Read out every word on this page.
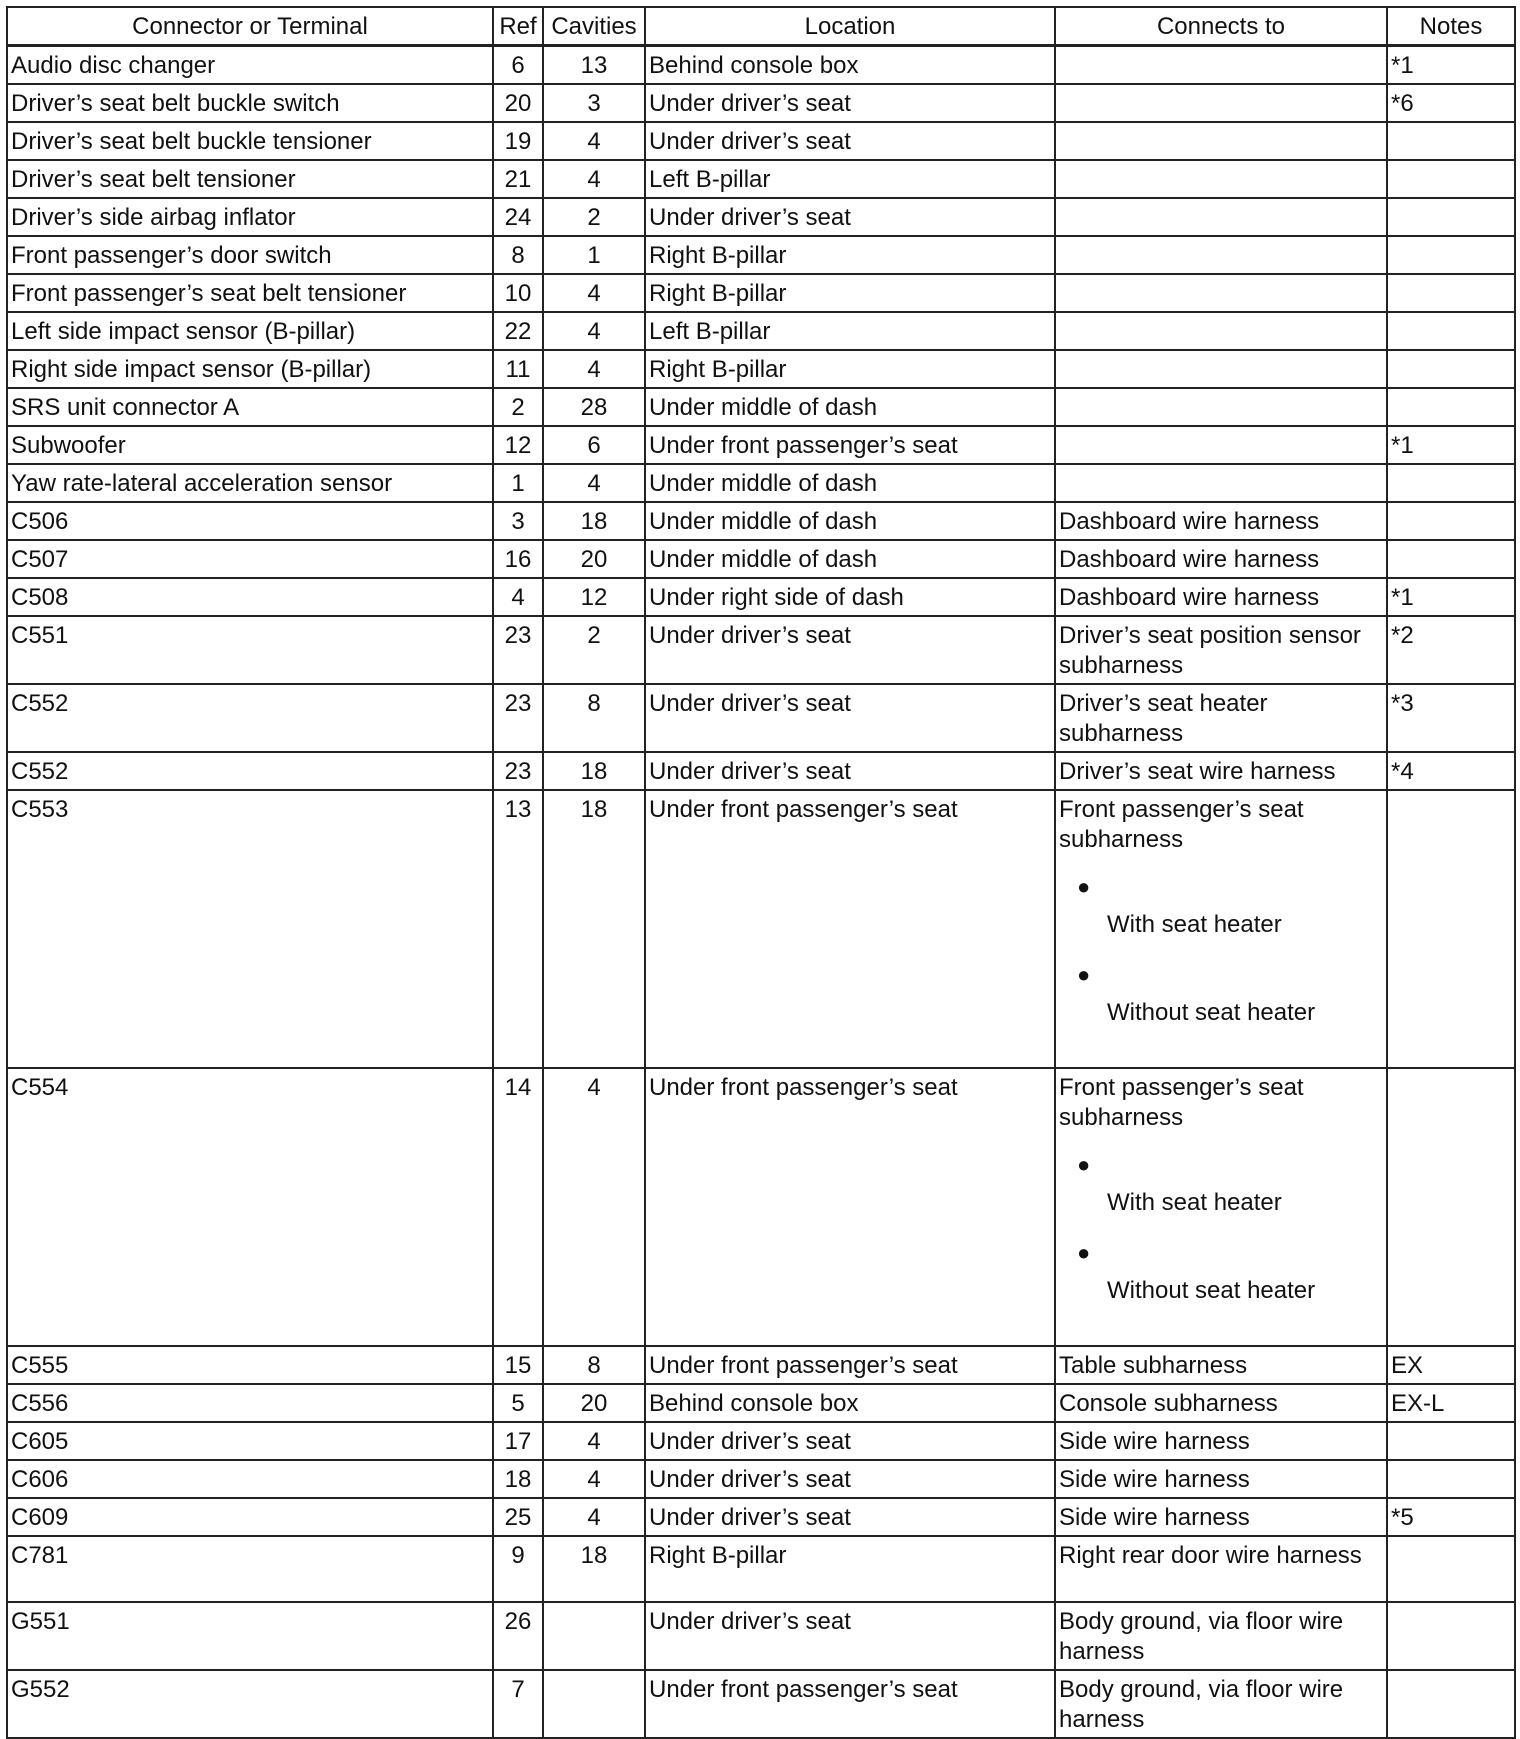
Connector or Terminal	Ref	Cavities	Location	Connects to	Notes
Audio disc changer	6	13	Behind console box		*1
Driver’s seat belt buckle switch	20	3	Under driver’s seat		*6
Driver’s seat belt buckle tensioner	19	4	Under driver’s seat	

Driver’s seat belt tensioner	21	4	Left B-pillar	

Driver’s side airbag inflator	24	2	Under driver’s seat	

Front passenger’s door switch	8	1	Right B-pillar	

Front passenger’s seat belt tensioner	10	4	Right B-pillar	

Left side impact sensor (B-pillar)	22	4	Left B-pillar	

Right side impact sensor (B-pillar)	11	4	Right B-pillar	

SRS unit connector A	2	28	Under middle of dash	

Subwoofer	12	6	Under front passenger’s seat		*1
Yaw rate-lateral acceleration sensor	1	4	Under middle of dash	

C506	3	18	Under middle of dash	Dashboard wire harness	

C507	16	20	Under middle of dash	Dashboard wire harness	

C508	4	12	Under right side of dash	Dashboard wire harness	*1
C551	23	2	Under driver’s seat	Driver’s seat position sensor subharness	*2
C552	23	8	Under driver’s seat	Driver’s seat heater subharness	*3
C552	23	18	Under driver’s seat	Driver’s seat wire harness	*4
C553	13	18	Under front passenger’s seat	Front passenger’s seat subharness
●
With seat heater
●
Without seat heater	

C554	14	4	Under front passenger’s seat	Front passenger’s seat subharness
●
With seat heater
●
Without seat heater	

C555	15	8	Under front passenger’s seat	Table subharness	EX
C556	5	20	Behind console box	Console subharness	EX-L
C605	17	4	Under driver’s seat	Side wire harness	

C606	18	4	Under driver’s seat	Side wire harness	

C609	25	4	Under driver’s seat	Side wire harness	*5
C781	9	18	Right B-pillar	Right rear door wire harness	

G551	26		Under driver’s seat	Body ground, via floor wire harness	

G552	7		Under front passenger’s seat	Body ground, via floor wire harness	
